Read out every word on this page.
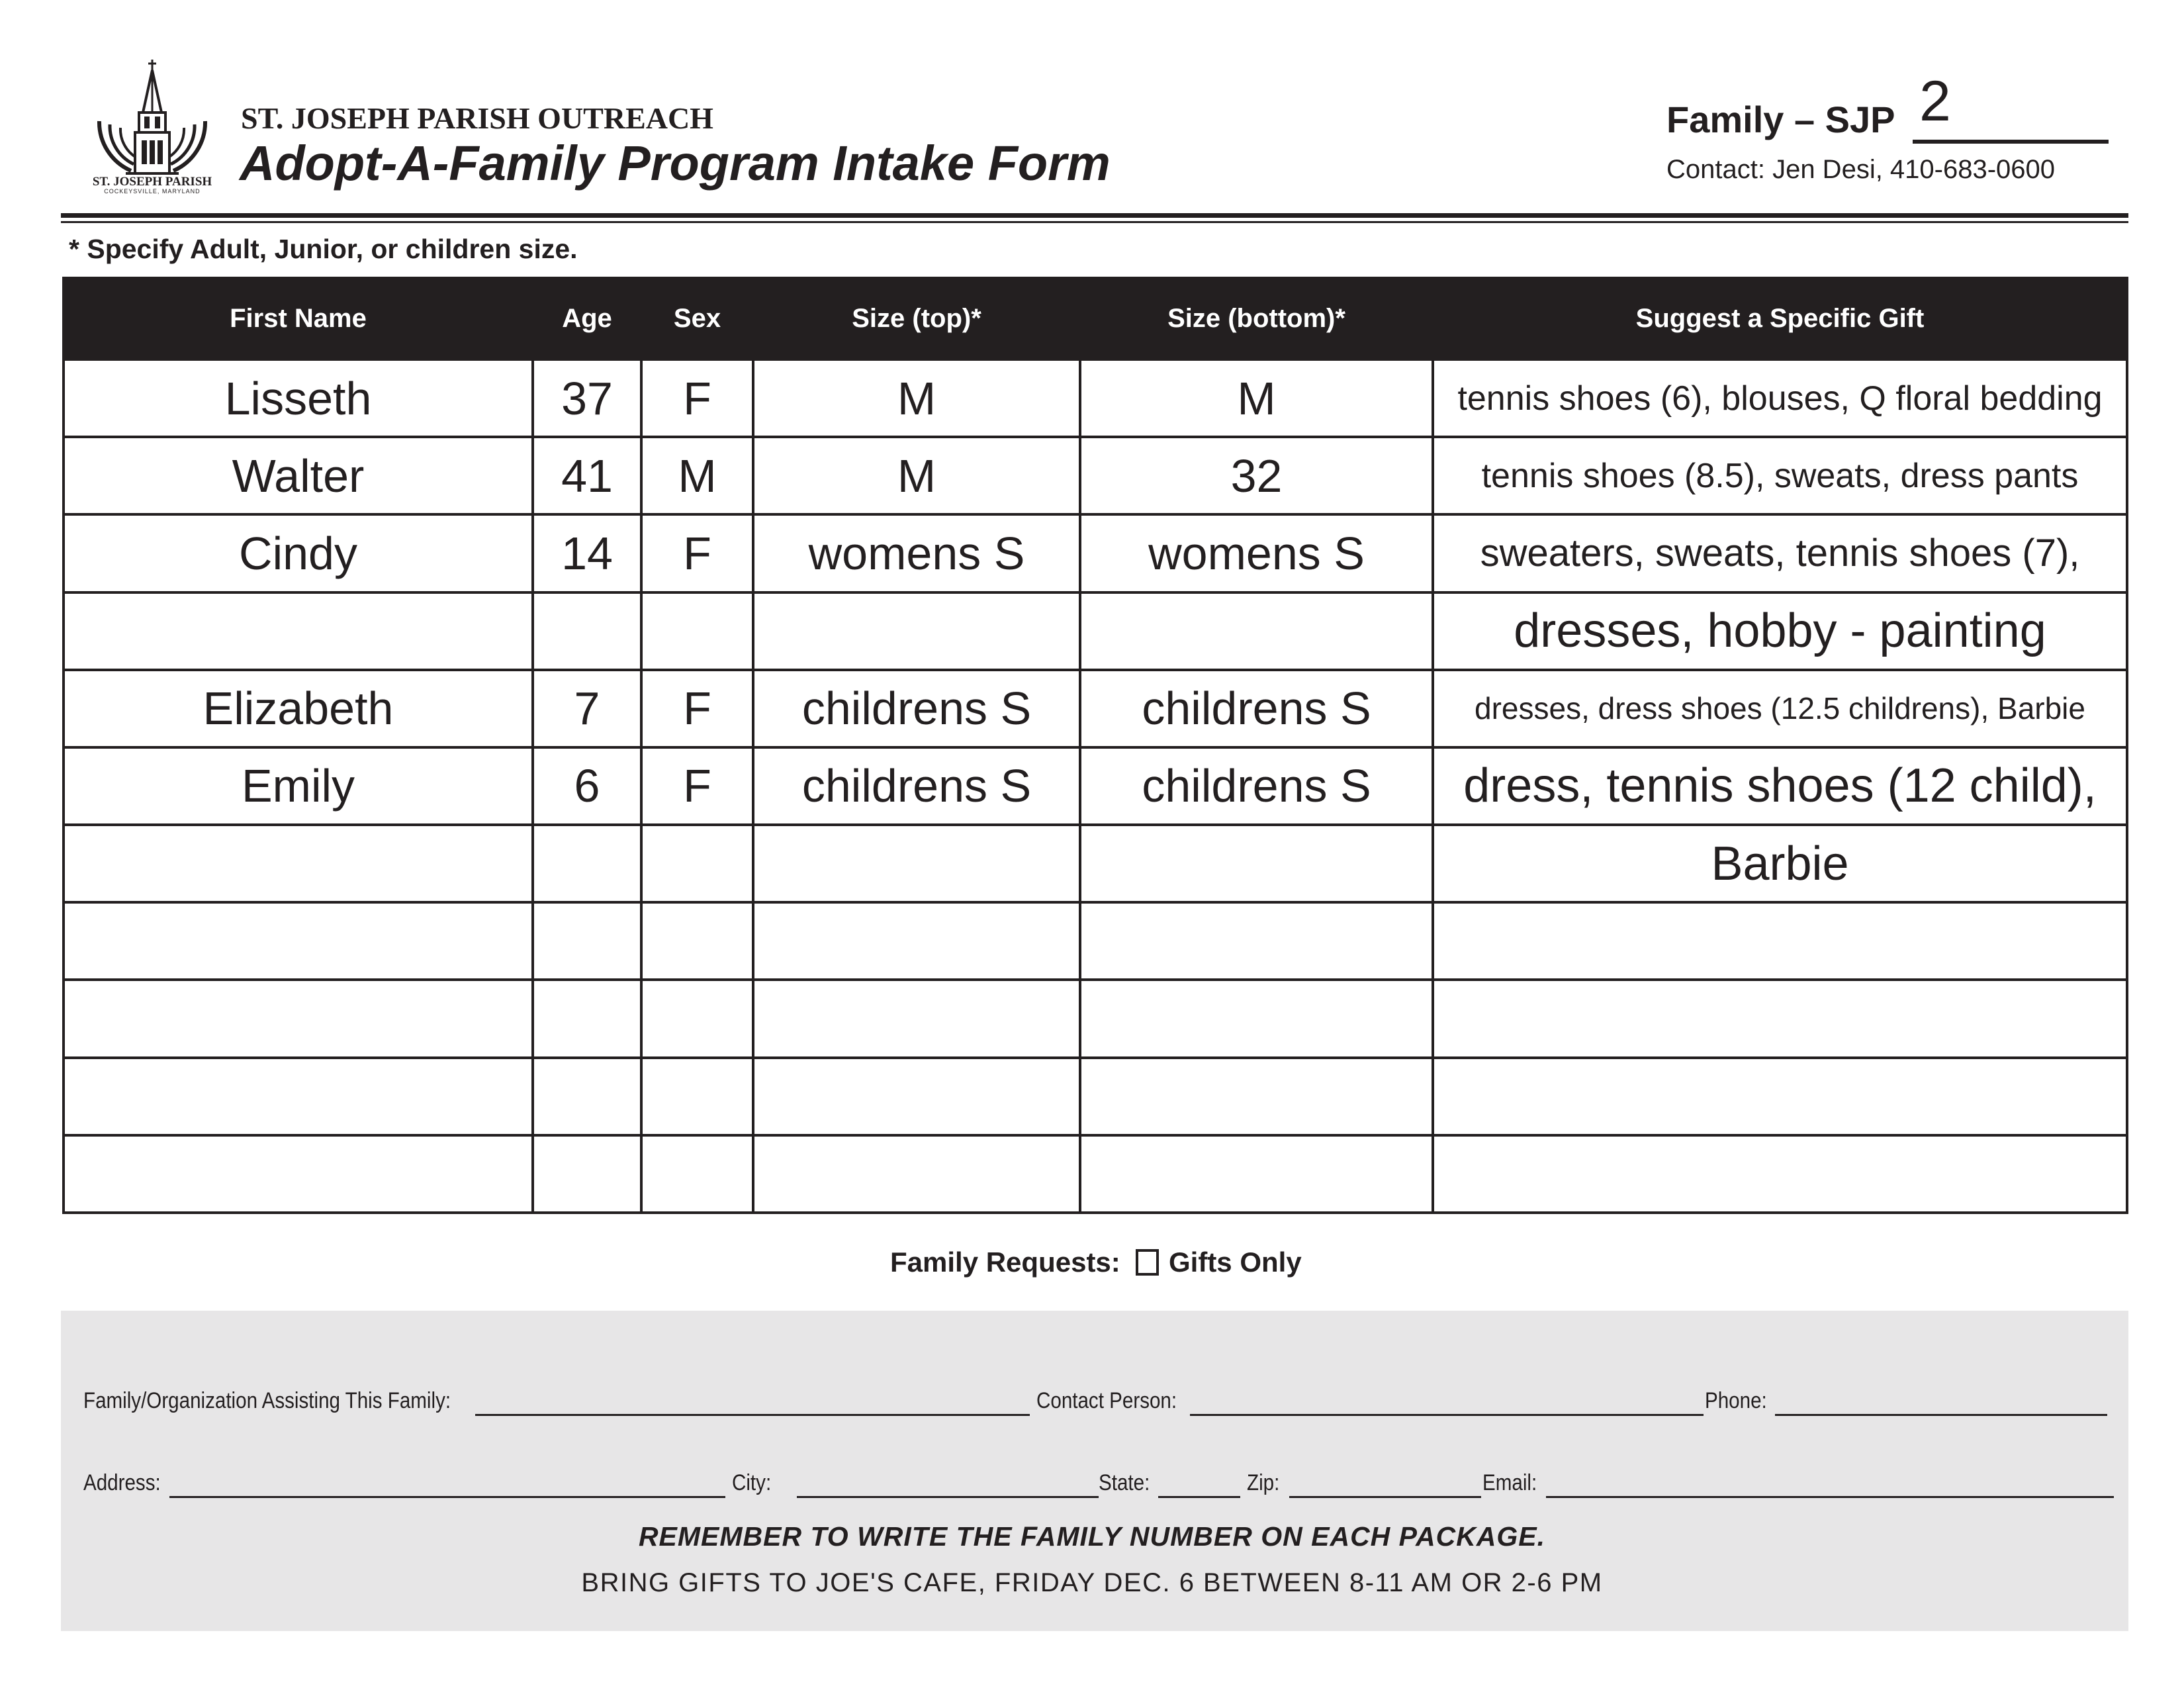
ST. JOSEPH PARISH
COCKEYSVILLE, MARYLAND
ST. JOSEPH PARISH OUTREACH
Adopt-A-Family Program Intake Form
Family – SJP 2
Contact: Jen Desi, 410-683-0600
* Specify Adult, Junior, or children size.
First Name	Age	Sex	Size (top)*	Size (bottom)*	Suggest a Specific Gift
Lisseth	37	F	M	M	tennis shoes (6), blouses, Q floral bedding
Walter	41	M	M	32	tennis shoes (8.5), sweats, dress pants
Cindy	14	F	womens S	womens S	sweaters, sweats, tennis shoes (7),
					dresses, hobby - painting
Elizabeth	7	F	childrens S	childrens S	dresses, dress shoes (12.5 childrens), Barbie
Emily	6	F	childrens S	childrens S	dress, tennis shoes (12 child),
					Barbie

Family Requests: Gifts Only
Family/Organization Assisting This Family:	Contact Person:	Phone:
Address:	City:	State:	Zip:	Email:
REMEMBER TO WRITE THE FAMILY NUMBER ON EACH PACKAGE.
BRING GIFTS TO JOE'S CAFE, FRIDAY DEC. 6 BETWEEN 8-11 AM OR 2-6 PM
